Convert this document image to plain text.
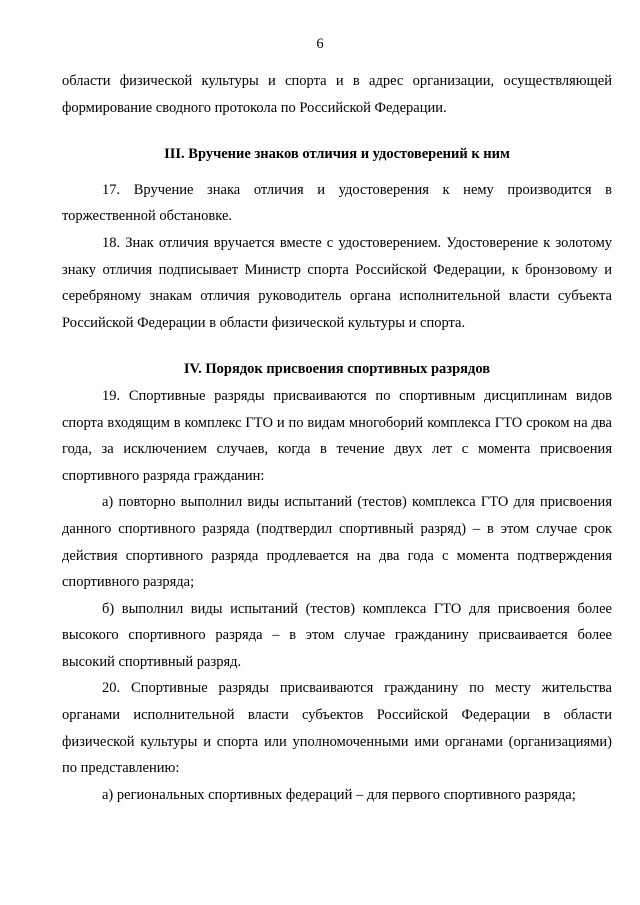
6

области физической культуры и спорта и в адрес организации, осуществляющей формирование сводного протокола по Российской Федерации.

III. Вручение знаков отличия и удостоверений к ним

17. Вручение знака отличия и удостоверения к нему производится в торжественной обстановке.

18. Знак отличия вручается вместе с удостоверением. Удостоверение к золотому знаку отличия подписывает Министр спорта Российской Федерации, к бронзовому и серебряному знакам отличия руководитель органа исполнительной власти субъекта Российской Федерации в области физической культуры и спорта.

IV. Порядок присвоения спортивных разрядов

19. Спортивные разряды присваиваются по спортивным дисциплинам видов спорта входящим в комплекс ГТО и по видам многоборий комплекса ГТО сроком на два года, за исключением случаев, когда в течение двух лет с момента присвоения спортивного разряда гражданин:

а) повторно выполнил виды испытаний (тестов) комплекса ГТО для присвоения данного спортивного разряда (подтвердил спортивный разряд) – в этом случае срок действия спортивного разряда продлевается на два года с момента подтверждения спортивного разряда;

б) выполнил виды испытаний (тестов) комплекса ГТО для присвоения более высокого спортивного разряда – в этом случае гражданину присваивается более высокий спортивный разряд.

20. Спортивные разряды присваиваются гражданину по месту жительства органами исполнительной власти субъектов Российской Федерации в области физической культуры и спорта или уполномоченными ими органами (организациями) по представлению:

а) региональных спортивных федераций – для первого спортивного разряда;
